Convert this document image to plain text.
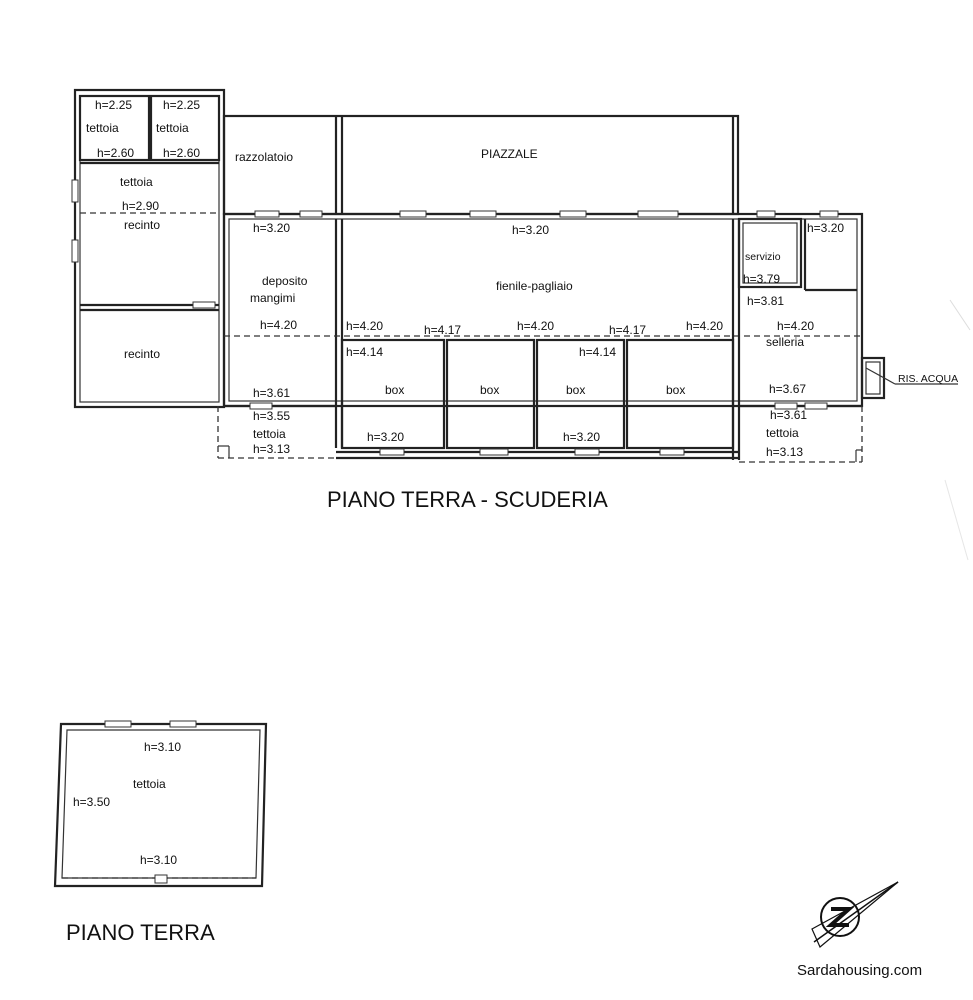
h=2.25	h=2.25
tettoia	tettoia
h=2.60 h=2.60
tettoia
h=2.90
recinto
recinto
razzolatoio	PIAZZALE
h=3.20
deposito
mangimi
h=4.20
h=3.61
h=3.55
tettoia
h=3.13
h=3.20
fienile-pagliaio
h=4.20	h=4.17	h=4.20	h=4.17	h=4.20
h=4.14	h=4.14
box	box	box	box
h=3.20	h=3.20
servizio
h=3.79
h=3.20
h=3.81
h=4.20
selleria
h=3.67
h=3.61
tettoia
h=3.13
RIS. ACQUA
PIANO TERRA - SCUDERIA
h=3.10
tettoia
h=3.50
h=3.10
PIANO TERRA
Sardahousing.com
